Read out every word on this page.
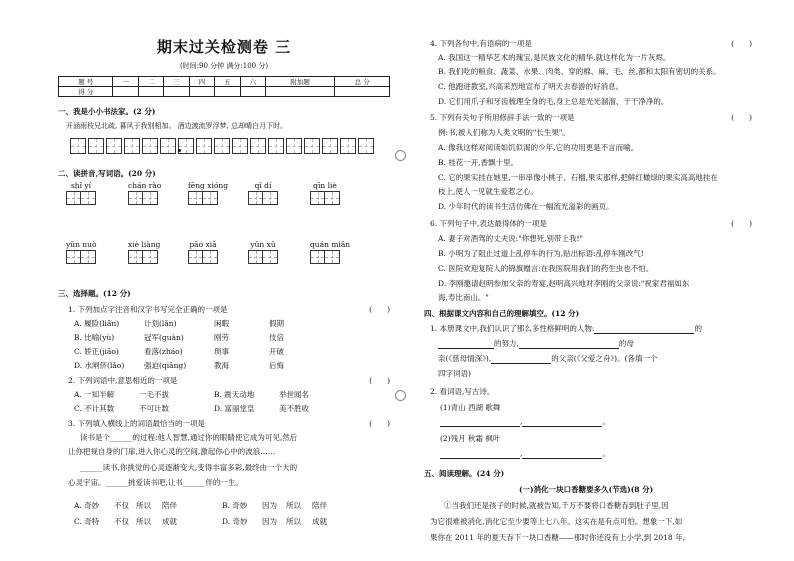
期末过关检测卷 三
(时间:90 分钟 满分:100 分)
题 号	一	二	三	四	五	六	附加题	总 分
得 分								
一、我是小小书法家。(2 分)
开涵雨枝兄北疏, 暮风于我别相加。 酒边渡流罗浮梦, 总却晴白月下时。
二、读拼音,写词语。(20 分)
shǐ yí	chán rào	fēng xióng	qǐ dí	qīn liè
yǔn nuò	xiè liàng	pāo xiǎ	yǔn xǔ	quán miǎn
三、选择题。(12 分)
1. 下列加点字注音和汉字书写完全正确的一项是	(　　)
A. 履险(liǎn)	计划(lǎn)	闲暇	假期
B. 比喻(yù)	冠军(guàn)	刚劳	伎倍
C. 娇正(jiǎo)	看落(zháo)	琐事	开破
D. 水闸侪(lǎo)	强迫(qiǎng)	教海	后悔
2. 下列词语中,意思相近的一项是	(　　)
A. 一知半解	一毛不拔	B. 震天动地	举世闻名
C. 不计其数	不可计数	D. 富丽堂皇	美不胜收
3. 下列填入横线上的词语最恰当的一项是	(　　)
读书是个______的过程:他人智慧,通过你的眼睛使它成为可见,然后
让你把视自身的门扉,进入你心灵的空间,激起你心中的波浪……
______读书,你挑觉的心灵逐渐变大,变得丰富多彩,最终由一个大的
心灵宇宙。______挑爱读书吧,让书______伴的一生。
A. 奇妙 不仅 所以 陪伴	B. 奇妙 因为 所以 陪伴
C. 奇特 不仅 所以 成就	D. 奇妙 因为 所以 成就
4. 下列各句中,有语病的一项是	(　　)
A. 我国这一精华艺术的瑰宝,是民族文化的精华,就这样化为一片灰烬。
B. 我们吃的粮食、蔬菜、水果、肉类、穿的棉、麻、毛、丝,都和太阳有密切的关系。
C. 他跑进教室,兴高采烈地宣布了明天去春游的好消息。
D. 它们用爪子和牙齿梳理全身的毛,身上总是光光溜溜、干干净净的。
5. 下列有关句子所用修辞手法一致的一项是	(　　)
例:书,被人们称为人类文明的"长生果"。
A. 像我这样对阅读如饥似渴的少年,它的功用更是不言而喻。
B. 桂花一开,香飘十里。
C. 它的果实挂在她里,一串串像小桃子、石榴,果实那样,把鲜红橄绿的果实高高地挂在
枝上,使人一见就生爱惹之心。
D. 少年时代的读书生活仿佛在一幅流光溢彩的画页。
6. 下列句子中,表达最得体的一项是	(　　)
A. 妻子对酒驾的丈夫说:"你想死,别带上我!"
B. 小明为了阻止过道上乱停车的行为,贴出标语:乱停车刚改气!
C. 医院欢迎复院人的锦旗赠言:在我医院用我们的药生虫也不怕。
D. 李刚邀请赵明参加父亲的寿宴,赵明高兴地对李刚的父亲说:"祝家君福如东
海,寿比南山。"
四、根据课文内容和自己的理解填空。(12 分)
1. 本册课文中,我们认识了那么多性格鲜明的人物:	的
的努力,	的母
亲(《慈母情深》),	的父亲(《父爱之舟》)。(各填一个
四字词语)
2. 看词语,写古诗。
(1)青山 西湖 歌舞
,	。
(2)残月 秋霜 枫叶
,	。
五、阅读理解。(24 分)
(一)消化一块口香糖要多久(节选)(8 分)
①当我们还是孩子的时候,就被告知,千万不要将口香糖吞到肚子里,因
为它很难被消化,消化它至少要等上七八年。这实在是有点可怕。想象一下,如
果你在 2011 年的夏天吞下一块口香糖——那时你还没有上小学,到 2018 年,
